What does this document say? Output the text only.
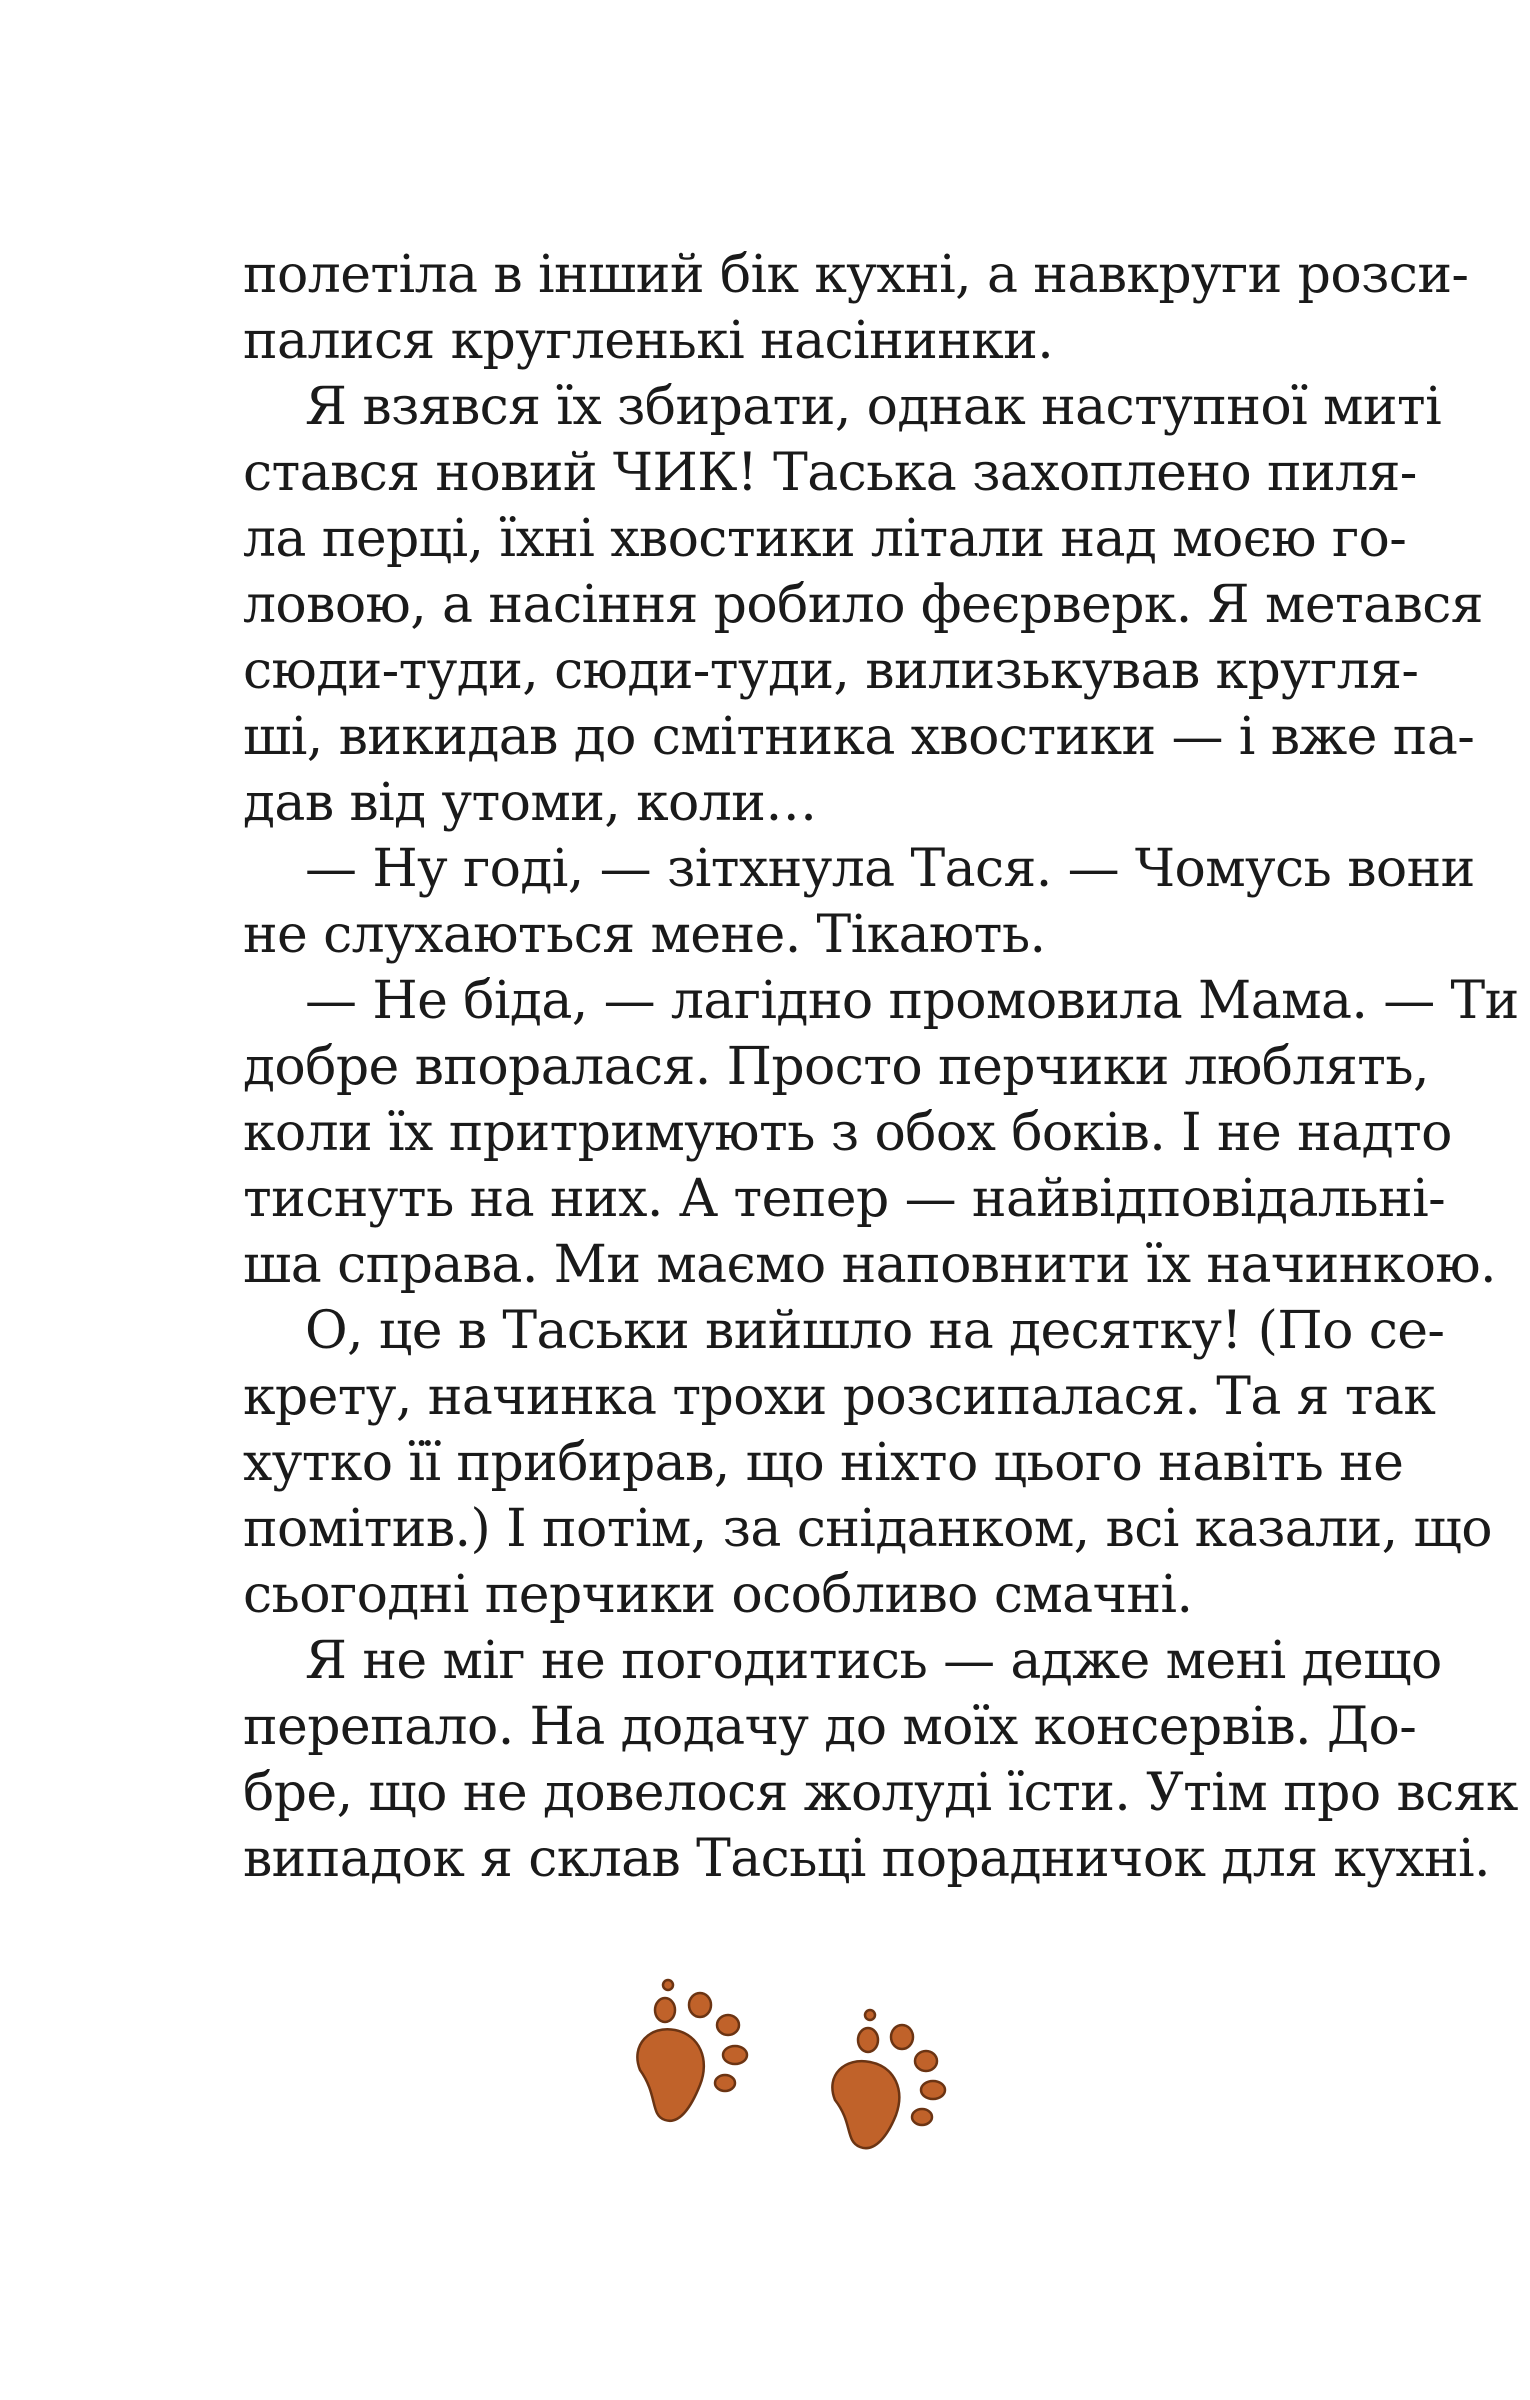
полетіла в інший бік кухні, а навкруги розси-
палися кругленькі насінинки.
Я взявся їх збирати, однак наступної миті
стався новий ЧИК! Таська захоплено пиля-
ла перці, їхні хвостики літали над моєю го-
ловою, а насіння робило феєрверк. Я метався
сюди-туди, сюди-туди, вилизькував кругля-
ші, викидав до смітника хвостики — і вже па-
дав від утоми, коли…
— Ну годі, — зітхнула Тася. — Чомусь вони
не слухаються мене. Тікають.
— Не біда, — лагідно промовила Мама. — Ти
добре впоралася. Просто перчики люблять,
коли їх притримують з обох боків. І не надто
тиснуть на них. А тепер — найвідповідальні-
ша справа. Ми маємо наповнити їх начинкою.
О, це в Таськи вийшло на десятку! (По се-
крету, начинка трохи розсипалася. Та я так
хутко її прибирав, що ніхто цього навіть не
помітив.) І потім, за сніданком, всі казали, що
сьогодні перчики особливо смачні.
Я не міг не погодитись — адже мені дещо
перепало. На додачу до моїх консервів. До-
бре, що не довелося жолуді їсти. Утім про всяк
випадок я склав Тасьці порадничок для кухні.
